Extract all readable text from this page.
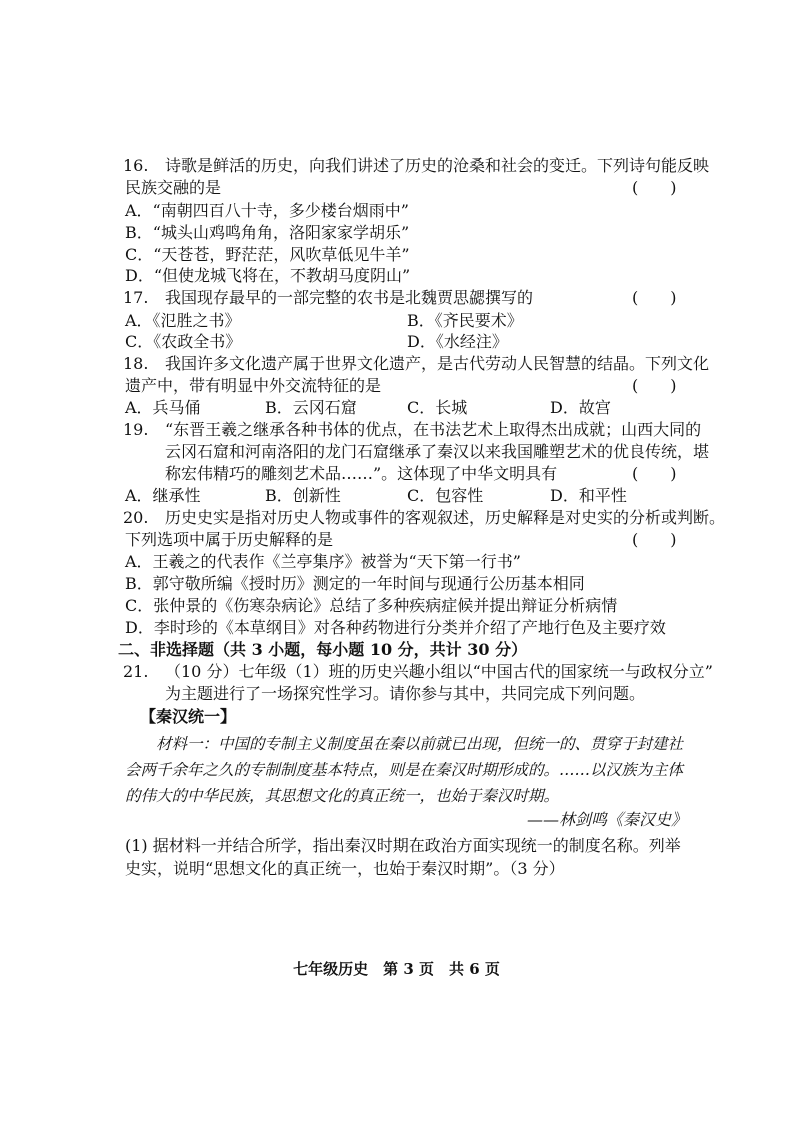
16. 诗歌是鲜活的历史，向我们讲述了历史的沧桑和社会的变迁。下列诗句能反映
民族交融的是	(　　)
A．“南朝四百八十寺，多少楼台烟雨中”
B．“城头山鸡鸣角角，洛阳家家学胡乐”
C．“天苍苍，野茫茫，风吹草低见牛羊”
D．“但使龙城飞将在，不教胡马度阴山”
17. 我国现存最早的一部完整的农书是北魏贾思勰撰写的	(　　)
A．《氾胜之书》	B．《齐民要术》
C．《农政全书》	D．《水经注》
18. 我国许多文化遗产属于世界文化遗产，是古代劳动人民智慧的结晶。下列文化
遗产中，带有明显中外交流特征的是	(　　)
A．兵马俑	B．云冈石窟	C．长城	D．故宫
19. “东晋王羲之继承各种书体的优点，在书法艺术上取得杰出成就；山西大同的
云冈石窟和河南洛阳的龙门石窟继承了秦汉以来我国雕塑艺术的优良传统，堪
称宏伟精巧的雕刻艺术品……”。这体现了中华文明具有	(　　)
A．继承性	B．创新性	C．包容性	D．和平性
20. 历史史实是指对历史人物或事件的客观叙述，历史解释是对史实的分析或判断。
下列选项中属于历史解释的是	(　　)
A．王羲之的代表作《兰亭集序》被誉为“天下第一行书”
B．郭守敬所编《授时历》测定的一年时间与现通行公历基本相同
C．张仲景的《伤寒杂病论》总结了多种疾病症候并提出辩证分析病情
D．李时珍的《本草纲目》对各种药物进行分类并介绍了产地行色及主要疗效
二、非选择题（共 3 小题，每小题 10 分，共计 30 分）
21. （10 分）七年级（1）班的历史兴趣小组以“中国古代的国家统一与政权分立”
为主题进行了一场探究性学习。请你参与其中，共同完成下列问题。
【秦汉统一】
材料一：中国的专制主义制度虽在秦以前就已出现，但统一的、贯穿于封建社会两千余年之久的专制制度基本特点，则是在秦汉时期形成的。……以汉族为主体的伟大的中华民族，其思想文化的真正统一，也始于秦汉时期。
——林剑鸣《秦汉史》
(1) 据材料一并结合所学，指出秦汉时期在政治方面实现统一的制度名称。列举
史实，说明“思想文化的真正统一，也始于秦汉时期”。（3 分）
七年级历史　第 3 页　共 6 页
